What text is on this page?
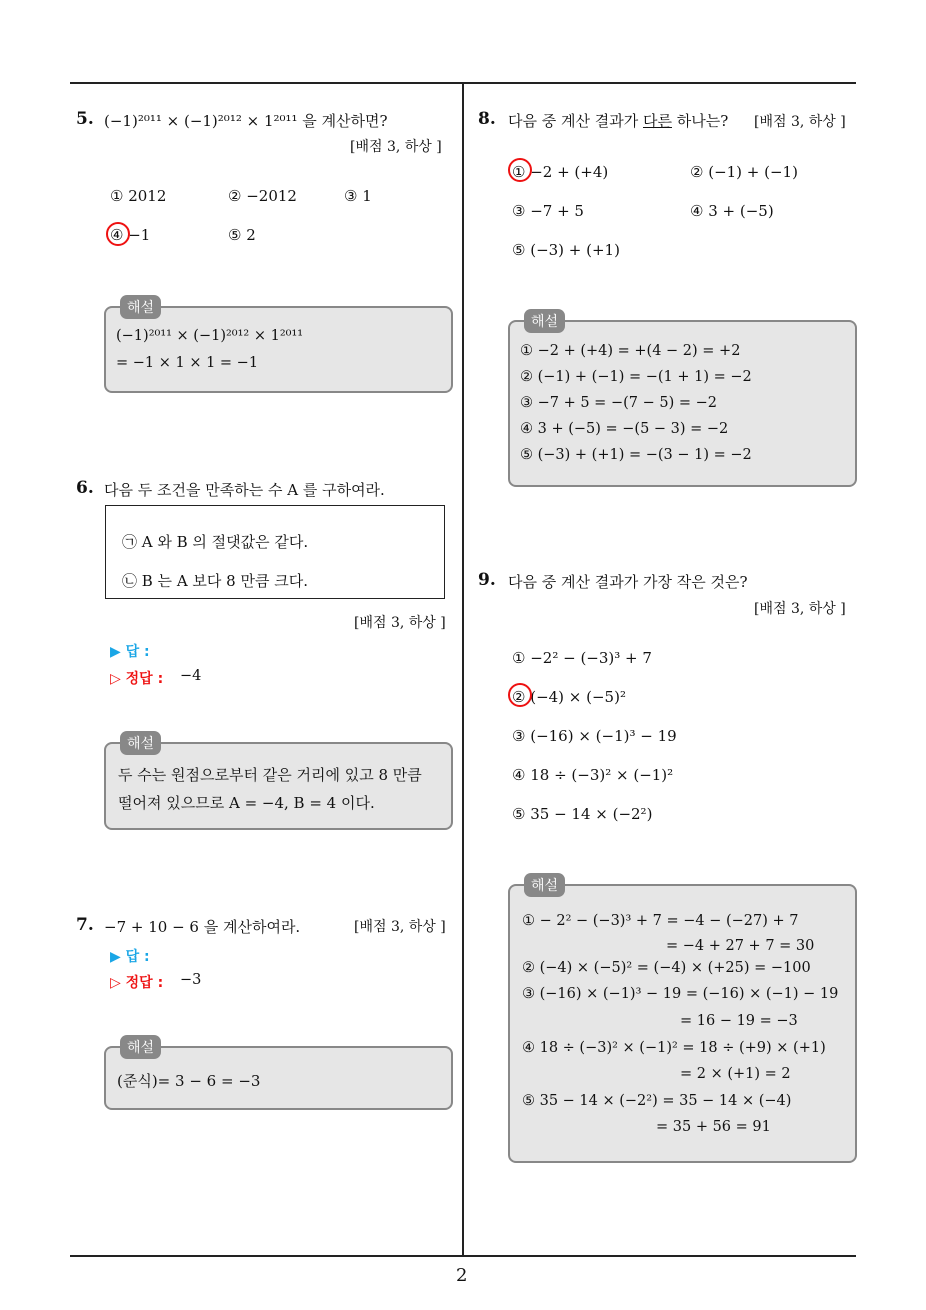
2
5. (−1)²⁰¹¹ × (−1)²⁰¹² × 1²⁰¹¹ 을 계산하면?
[배점 3, 하상 ]
① 2012	② −2012	③ 1
④ −1	⑤ 2
해설
(−1)²⁰¹¹ × (−1)²⁰¹² × 1²⁰¹¹
= −1 × 1 × 1 = −1
6. 다음 두 조건을 만족하는 수 A 를 구하여라.
㉠ A 와 B 의 절댓값은 같다.
㉡ B 는 A 보다 8 만큼 크다.
[배점 3, 하상 ]
▶ 답 :
▷ 정답 : −4
해설
두 수는 원점으로부터 같은 거리에 있고 8 만큼
떨어져 있으므로 A = −4, B = 4 이다.
7. −7 + 10 − 6 을 계산하여라.	[배점 3, 하상 ]
▶ 답 :
▷ 정답 : −3
해설
(준식)= 3 − 6 = −3
8. 다음 중 계산 결과가 다른 하나는? [배점 3, 하상 ]
① −2 + (+4)	② (−1) + (−1)
③ −7 + 5	④ 3 + (−5)
⑤ (−3) + (+1)
해설
① −2 + (+4) = +(4 − 2) = +2
② (−1) + (−1) = −(1 + 1) = −2
③ −7 + 5 = −(7 − 5) = −2
④ 3 + (−5) = −(5 − 3) = −2
⑤ (−3) + (+1) = −(3 − 1) = −2
9. 다음 중 계산 결과가 가장 작은 것은?
[배점 3, 하상 ]
① −2² − (−3)³ + 7
② (−4) × (−5)²
③ (−16) × (−1)³ − 19
④ 18 ÷ (−3)² × (−1)²
⑤ 35 − 14 × (−2²)
해설
① − 2² − (−3)³ + 7 = −4 − (−27) + 7
= −4 + 27 + 7 = 30
② (−4) × (−5)² = (−4) × (+25) = −100
③ (−16) × (−1)³ − 19 = (−16) × (−1) − 19
= 16 − 19 = −3
④ 18 ÷ (−3)² × (−1)² = 18 ÷ (+9) × (+1)
= 2 × (+1) = 2
⑤ 35 − 14 × (−2²) = 35 − 14 × (−4)
= 35 + 56 = 91
